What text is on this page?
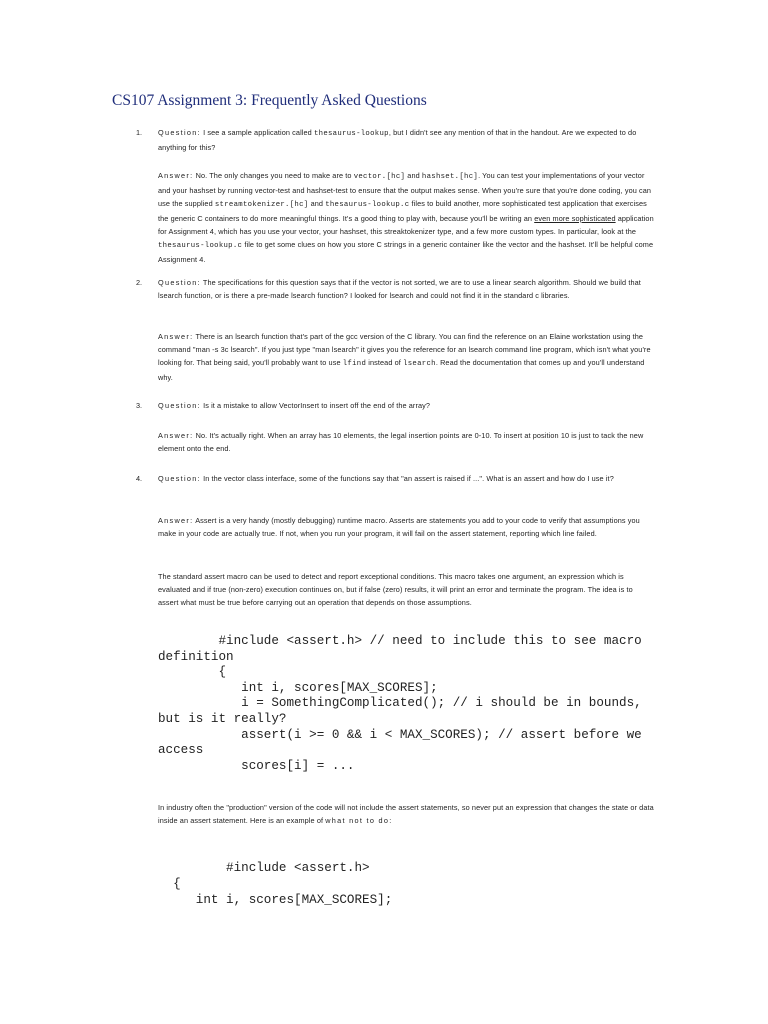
CS107 Assignment 3: Frequently Asked Questions

1. Question: I see a sample application called thesaurus-lookup, but I didn't see any mention of that in the handout. Are we expected to do anything for this?

Answer: No. The only changes you need to make are to vector.[hc] and hashset.[hc]. You can test your implementations of your vector and your hashset by running vector-test and hashset-test to ensure that the output makes sense. When you're sure that you're done coding, you can use the supplied streamtokenizer.[hc] and thesaurus-lookup.c files to build another, more sophisticated test application that exercises the generic C containers to do more meaningful things. It's a good thing to play with, because you'll be writing an even more sophisticated application for Assignment 4, which has you use your vector, your hashset, this streaktokenizer type, and a few more custom types. In particular, look at the thesaurus-lookup.c file to get some clues on how you store C strings in a generic container like the vector and the hashset. It'll be helpful come Assignment 4.

2. Question: The specifications for this question says that if the vector is not sorted, we are to use a linear search algorithm. Should we build that lsearch function, or is there a pre-made lsearch function? I looked for lsearch and could not find it in the standard c libraries.

Answer: There is an lsearch function that's part of the gcc version of the C library. You can find the reference on an Elaine workstation using the command "man -s 3c lsearch". If you just type "man lsearch" it gives you the reference for an lsearch command line program, which isn't what you're looking for. That being said, you'll probably want to use lfind instead of lsearch. Read the documentation that comes up and you'll understand why.

3. Question: Is it a mistake to allow VectorInsert to insert off the end of the array?

Answer: No. It's actually right. When an array has 10 elements, the legal insertion points are 0-10. To insert at position 10 is just to tack the new element onto the end.

4. Question: In the vector class interface, some of the functions say that "an assert is raised if ...". What is an assert and how do I use it?

Answer: Assert is a very handy (mostly debugging) runtime macro. Asserts are statements you add to your code to verify that assumptions you make in your code are actually true. If not, when you run your program, it will fail on the assert statement, reporting which line failed.

The standard assert macro can be used to detect and report exceptional conditions. This macro takes one argument, an expression which is evaluated and if true (non-zero) execution continues on, but if false (zero) results, it will print an error and terminate the program. The idea is to assert what must be true before carrying out an operation that depends on those assumptions.

#include <assert.h> // need to include this to see macro
definition
{
int i, scores[MAX_SCORES];
i = SomethingComplicated(); // i should be in bounds,
but is it really?
assert(i >= 0 && i < MAX_SCORES); // assert before we
access
scores[i] = ...

In industry often the "production" version of the code will not include the assert statements, so never put an expression that changes the state or data inside an assert statement. Here is an example of what not to do:

#include <assert.h>
{
int i, scores[MAX_SCORES];
